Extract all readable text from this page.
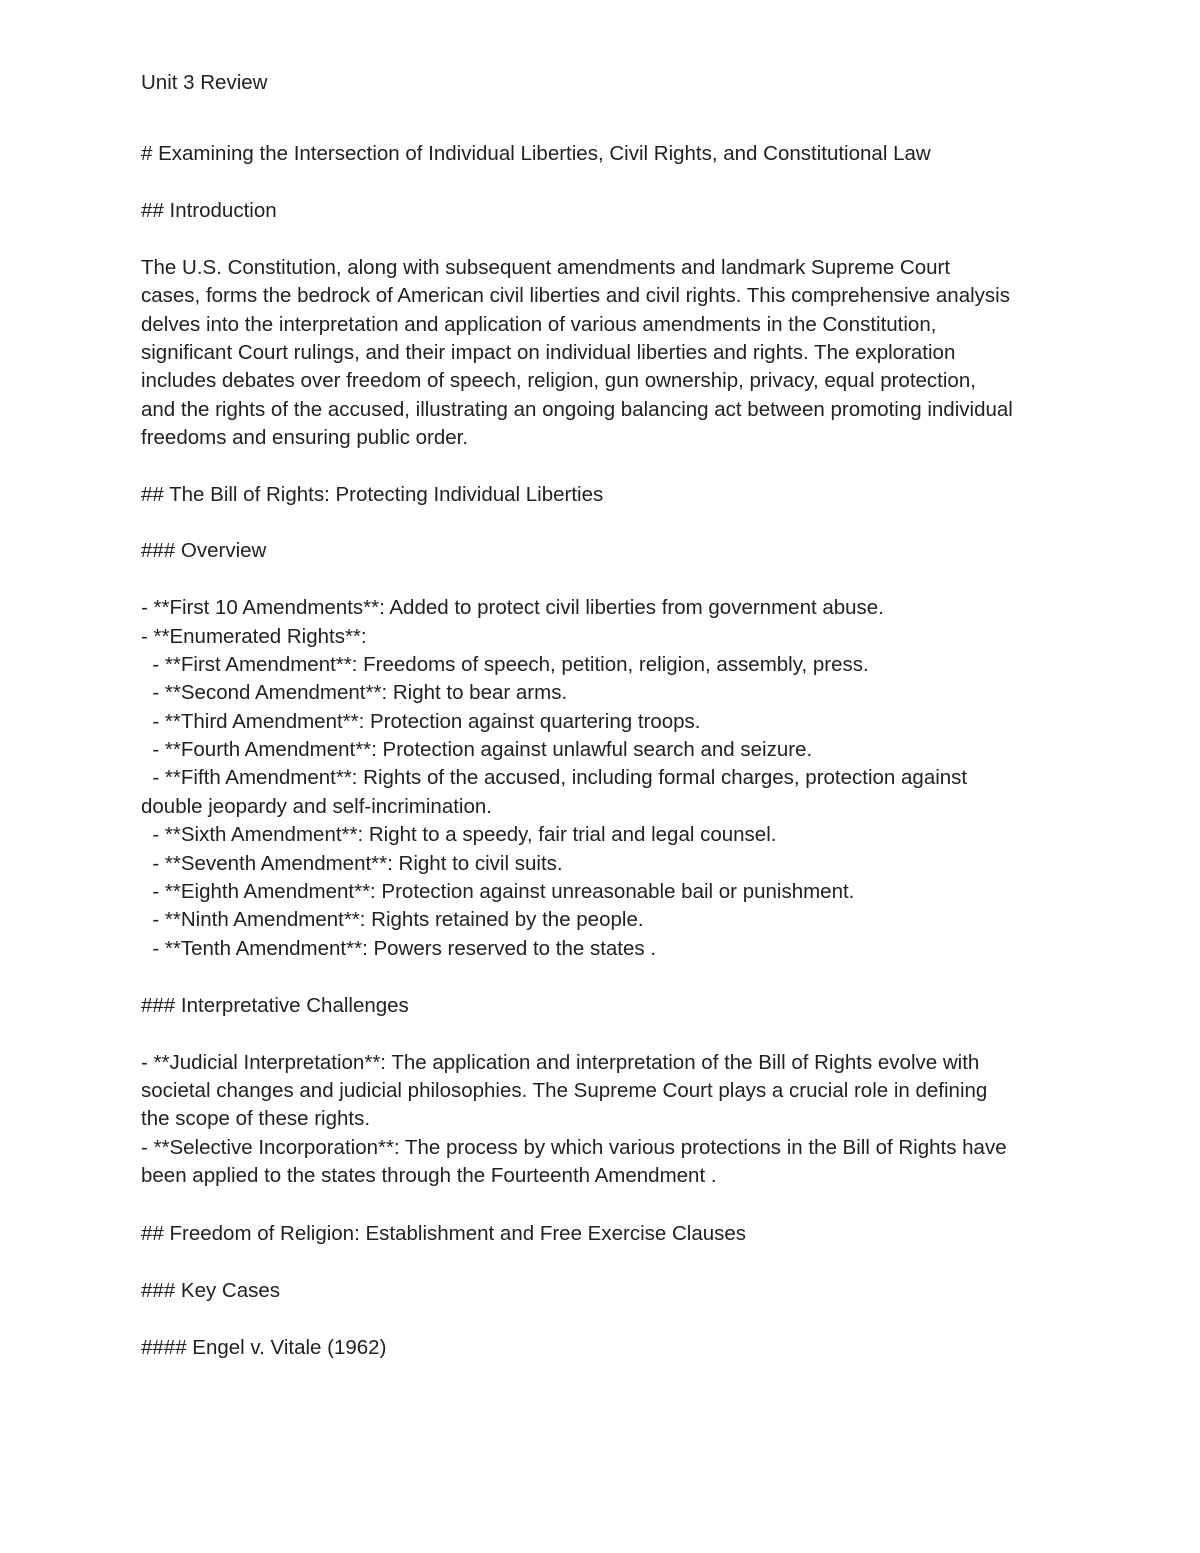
Unit 3 Review

# Examining the Intersection of Individual Liberties, Civil Rights, and Constitutional Law

## Introduction

The U.S. Constitution, along with subsequent amendments and landmark Supreme Court

cases, forms the bedrock of American civil liberties and civil rights. This comprehensive analysis

delves into the interpretation and application of various amendments in the Constitution,

significant Court rulings, and their impact on individual liberties and rights. The exploration

includes debates over freedom of speech, religion, gun ownership, privacy, equal protection,

and the rights of the accused, illustrating an ongoing balancing act between promoting individual

freedoms and ensuring public order.

## The Bill of Rights: Protecting Individual Liberties

### Overview

- **First 10 Amendments**: Added to protect civil liberties from government abuse.

- **Enumerated Rights**:

- **First Amendment**: Freedoms of speech, petition, religion, assembly, press.

- **Second Amendment**: Right to bear arms.

- **Third Amendment**: Protection against quartering troops.

- **Fourth Amendment**: Protection against unlawful search and seizure.

- **Fifth Amendment**: Rights of the accused, including formal charges, protection against

double jeopardy and self-incrimination.

- **Sixth Amendment**: Right to a speedy, fair trial and legal counsel.

- **Seventh Amendment**: Right to civil suits.

- **Eighth Amendment**: Protection against unreasonable bail or punishment.

- **Ninth Amendment**: Rights retained by the people.

- **Tenth Amendment**: Powers reserved to the states .

### Interpretative Challenges

- **Judicial Interpretation**: The application and interpretation of the Bill of Rights evolve with

societal changes and judicial philosophies. The Supreme Court plays a crucial role in defining

the scope of these rights.

- **Selective Incorporation**: The process by which various protections in the Bill of Rights have

been applied to the states through the Fourteenth Amendment .

## Freedom of Religion: Establishment and Free Exercise Clauses

### Key Cases

#### Engel v. Vitale (1962)
